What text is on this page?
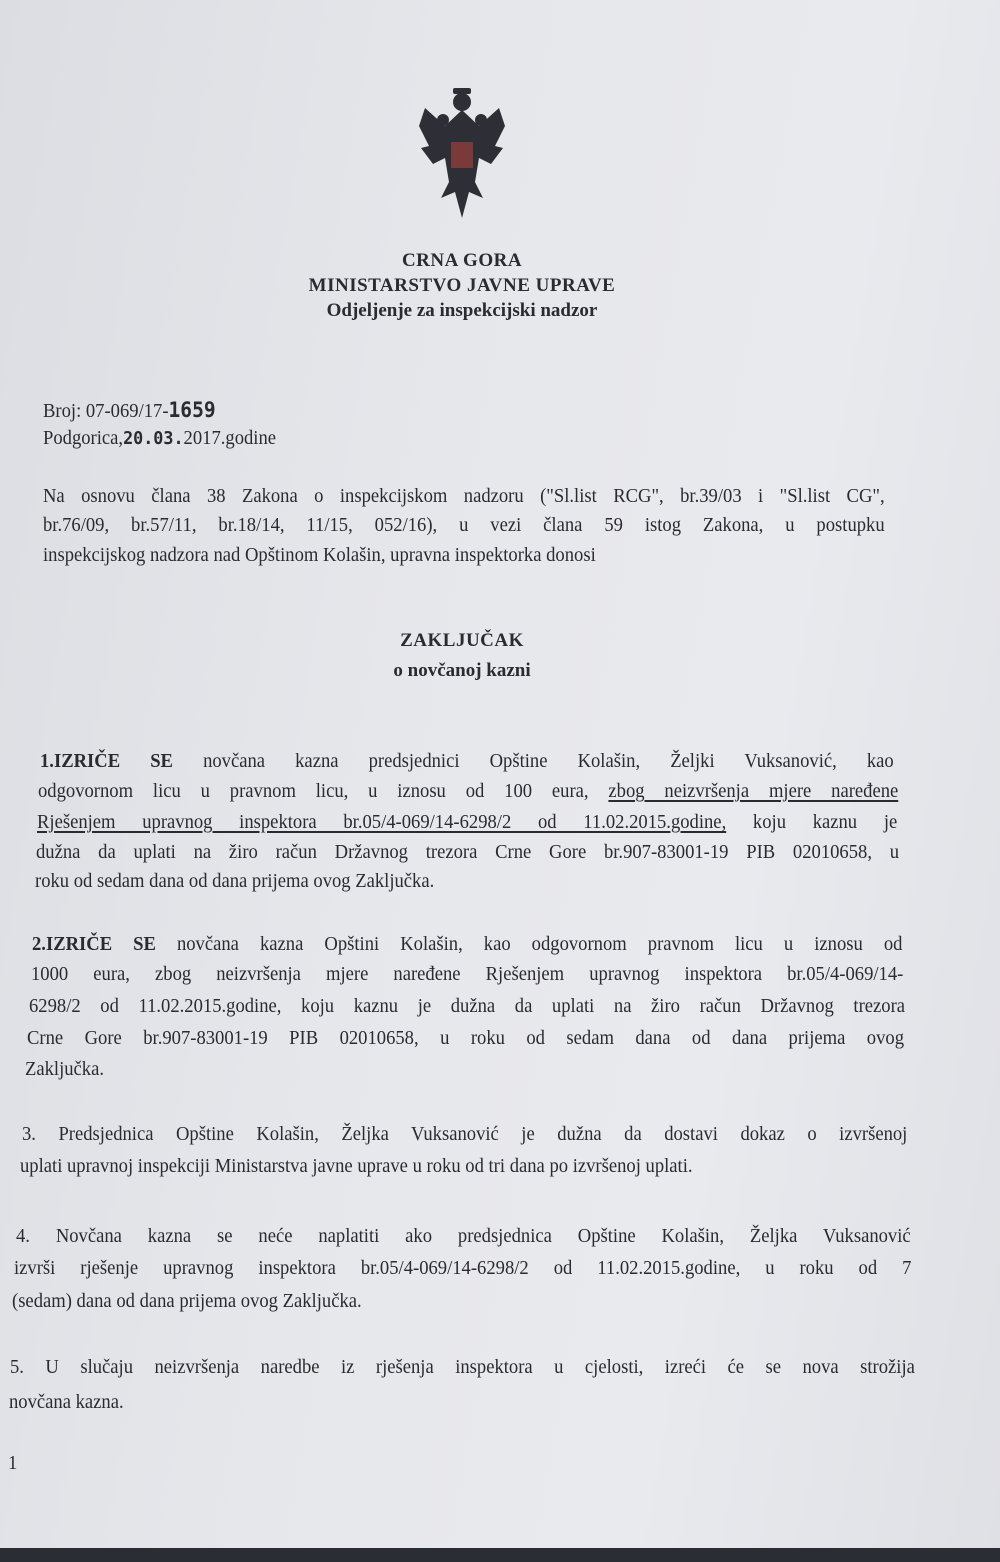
CRNA GORA
MINISTARSTVO JAVNE UPRAVE
Odjeljenje za inspekcijski nadzor
Broj: 07-069/17-1659
Podgorica,20.03.2017.godine
Na osnovu člana 38 Zakona o inspekcijskom nadzoru ("Sl.list RCG", br.39/03 i "Sl.list CG",
br.76/09, br.57/11, br.18/14, 11/15, 052/16), u vezi člana 59 istog Zakona, u postupku
inspekcijskog nadzora nad Opštinom Kolašin, upravna inspektorka donosi
ZAKLJUČAK
o novčanoj kazni
1.IZRIČE SE novčana kazna predsjednici Opštine Kolašin, Željki Vuksanović, kao
odgovornom licu u pravnom licu, u iznosu od 100 eura, zbog neizvršenja mjere naređene
Rješenjem upravnog inspektora br.05/4-069/14-6298/2 od 11.02.2015.godine, koju kaznu je
dužna da uplati na žiro račun Državnog trezora Crne Gore br.907-83001-19 PIB 02010658, u
roku od sedam dana od dana prijema ovog Zaključka.
2.IZRIČE SE novčana kazna Opštini Kolašin, kao odgovornom pravnom licu u iznosu od
1000 eura, zbog neizvršenja mjere naređene Rješenjem upravnog inspektora br.05/4-069/14-
6298/2 od 11.02.2015.godine, koju kaznu je dužna da uplati na žiro račun Državnog trezora
Crne Gore br.907-83001-19 PIB 02010658, u roku od sedam dana od dana prijema ovog
Zaključka.
3. Predsjednica Opštine Kolašin, Željka Vuksanović je dužna da dostavi dokaz o izvršenoj
uplati upravnoj inspekciji Ministarstva javne uprave u roku od tri dana po izvršenoj uplati.
4. Novčana kazna se neće naplatiti ako predsjednica Opštine Kolašin, Željka Vuksanović
izvrši rješenje upravnog inspektora br.05/4-069/14-6298/2 od 11.02.2015.godine, u roku od 7
(sedam) dana od dana prijema ovog Zaključka.
5. U slučaju neizvršenja naredbe iz rješenja inspektora u cjelosti, izreći će se nova strožija
novčana kazna.
1
